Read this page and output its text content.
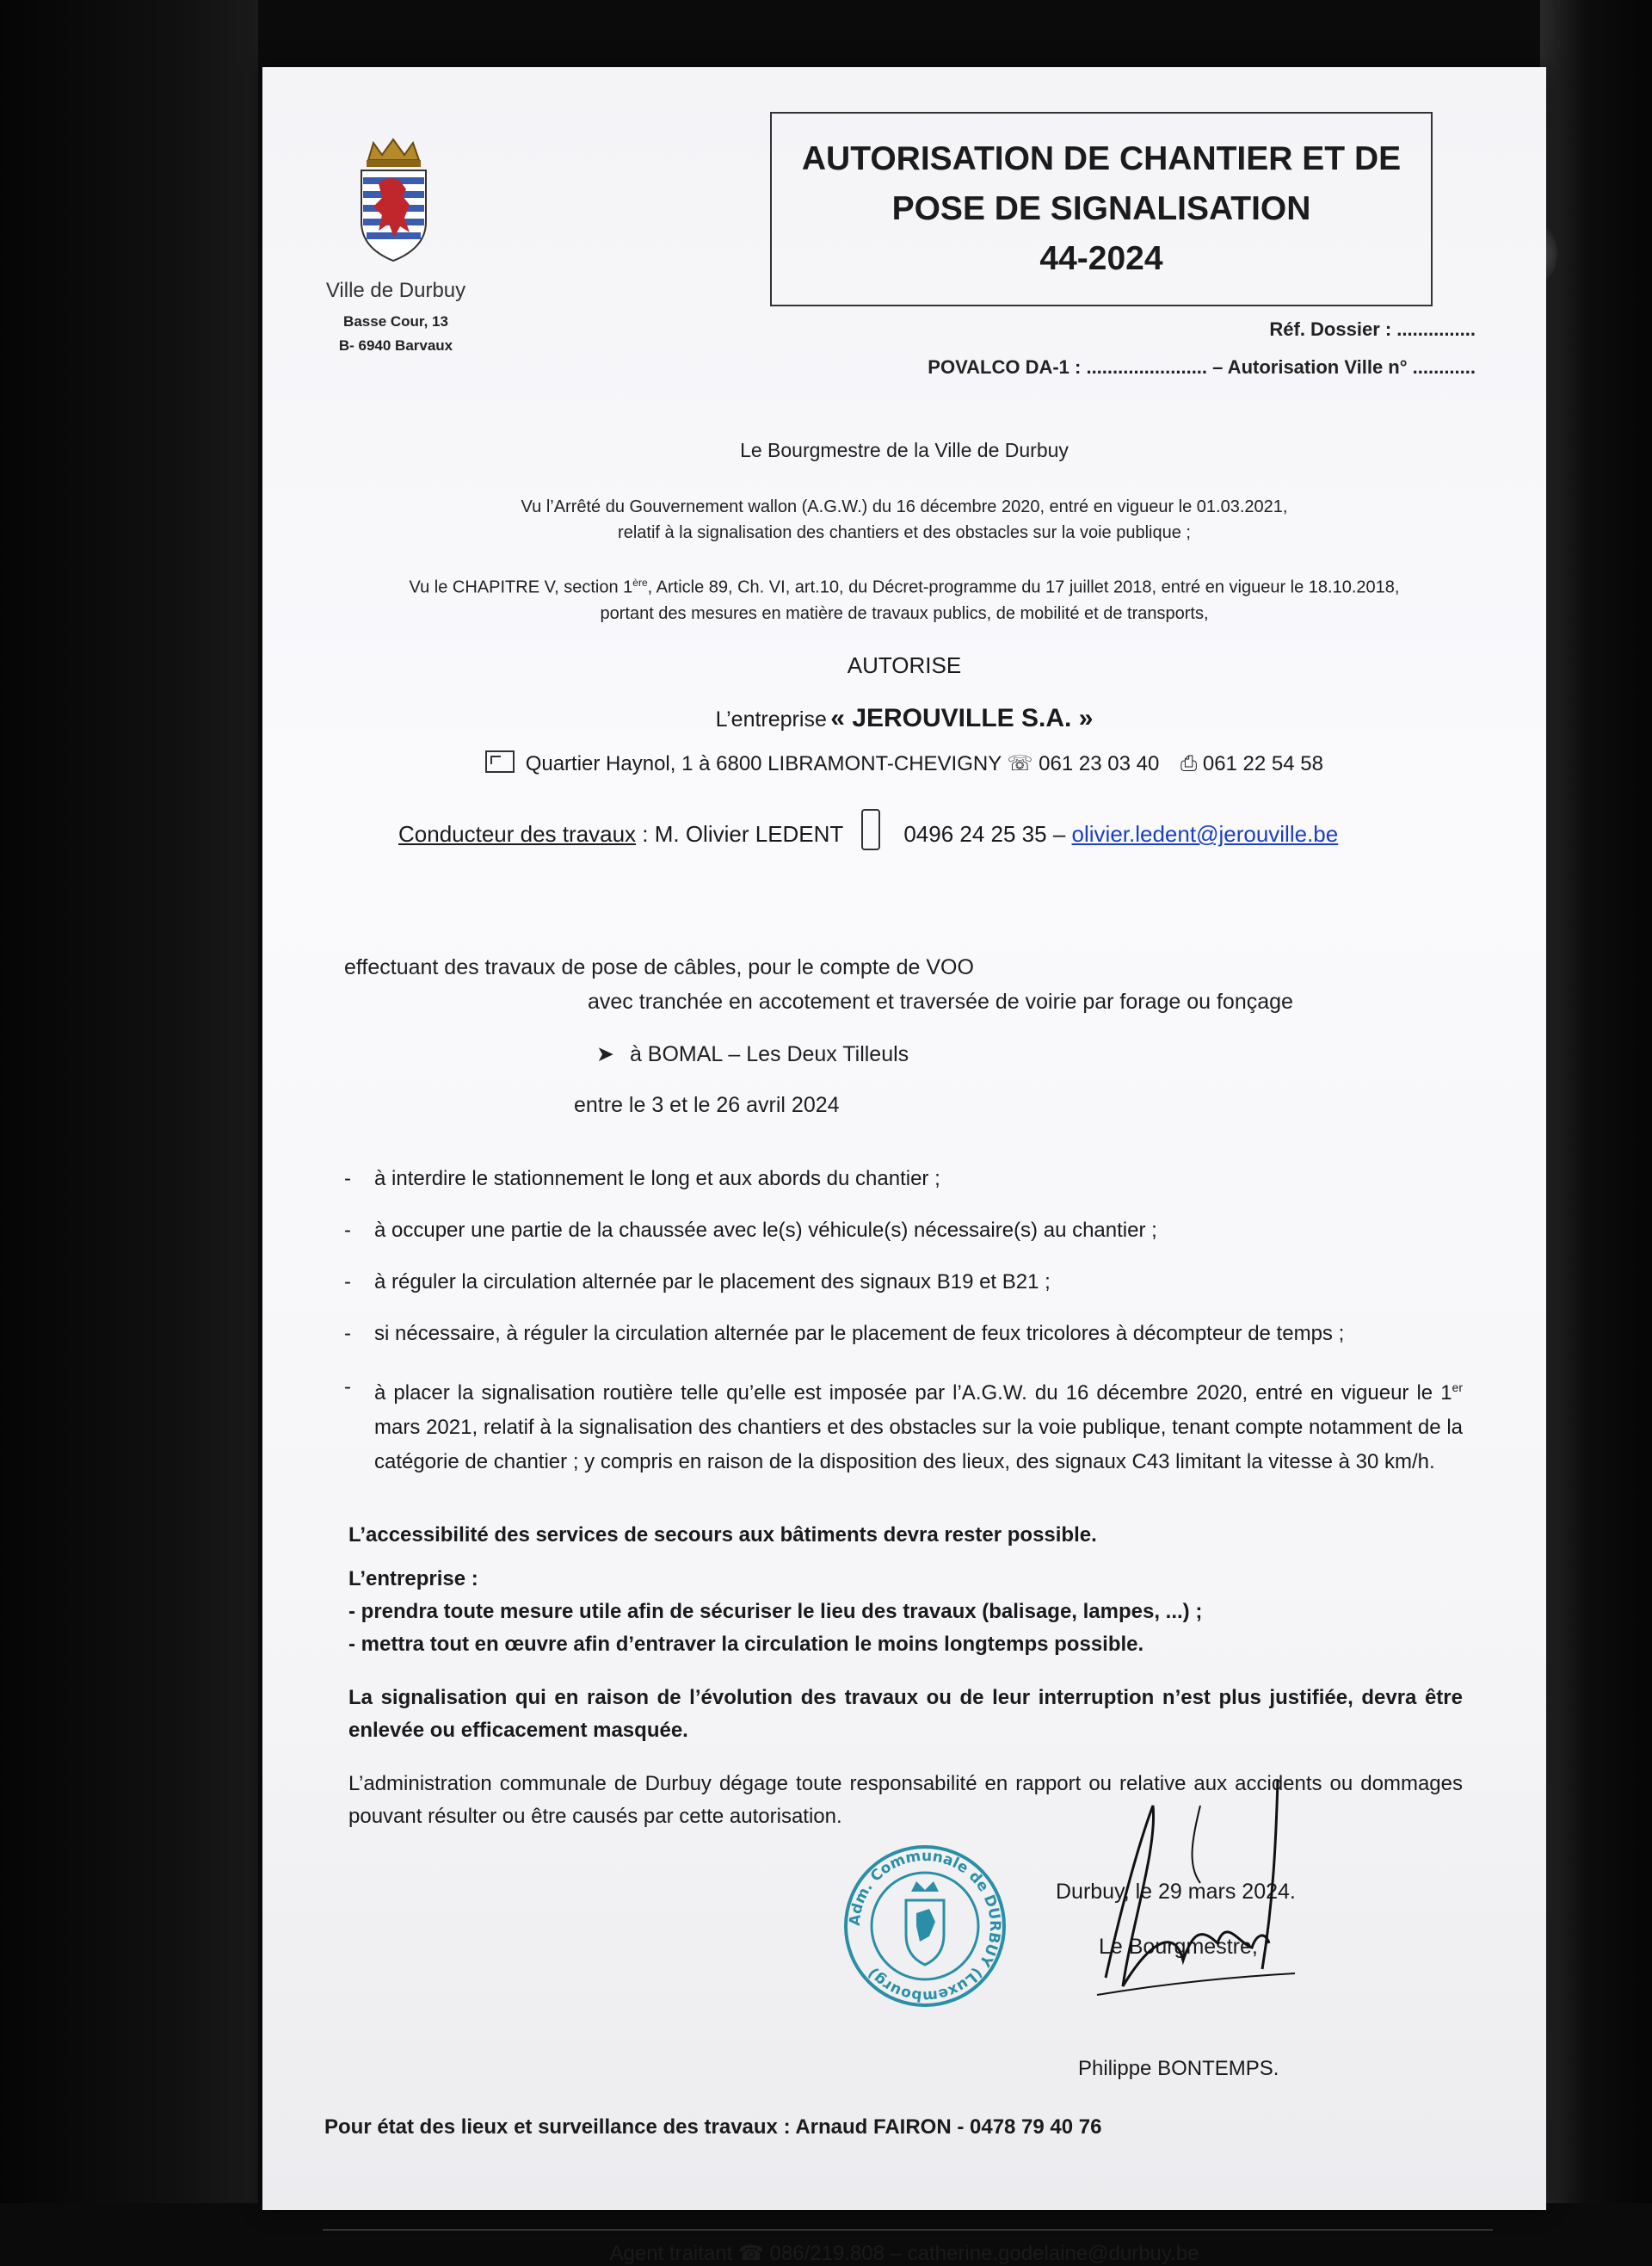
Ville de Durbuy
Basse Cour, 13
B- 6940 Barvaux
AUTORISATION DE CHANTIER ET DE
POSE DE SIGNALISATION
44-2024
Réf. Dossier : ...............
POVALCO DA-1 : ....................... – Autorisation Ville n° ............
Le Bourgmestre de la Ville de Durbuy
Vu l’Arrêté du Gouvernement wallon (A.G.W.) du 16 décembre 2020, entré en vigueur le 01.03.2021,
relatif à la signalisation des chantiers et des obstacles sur la voie publique ;
Vu le CHAPITRE V, section 1ère, Article 89, Ch. VI, art.10, du Décret-programme du 17 juillet 2018, entré en vigueur le 18.10.2018,
portant des mesures en matière de travaux publics, de mobilité et de transports,
AUTORISE
L’entreprise « JEROUVILLE S.A. »
Quartier Haynol, 1 à 6800 LIBRAMONT-CHEVIGNY ☏ 061 23 03 40 ⎙ 061 22 54 58
Conducteur des travaux : M. Olivier LEDENT	0496 24 25 35 – olivier.ledent@jerouville.be
effectuant des travaux de pose de câbles, pour le compte de VOO
avec tranchée en accotement et traversée de voirie par forage ou fonçage
➤ à BOMAL – Les Deux Tilleuls
entre le 3 et le 26 avril 2024
- à interdire le stationnement le long et aux abords du chantier ;
- à occuper une partie de la chaussée avec le(s) véhicule(s) nécessaire(s) au chantier ;
- à réguler la circulation alternée par le placement des signaux B19 et B21 ;
- si nécessaire, à réguler la circulation alternée par le placement de feux tricolores à décompteur de temps ;
- à placer la signalisation routière telle qu’elle est imposée par l’A.G.W. du 16 décembre 2020, entré en vigueur le 1er mars 2021, relatif à la signalisation des chantiers et des obstacles sur la voie publique, tenant compte notamment de la catégorie de chantier ; y compris en raison de la disposition des lieux, des signaux C43 limitant la vitesse à 30 km/h.
L’accessibilité des services de secours aux bâtiments devra rester possible.
L’entreprise :
- prendra toute mesure utile afin de sécuriser le lieu des travaux (balisage, lampes, ...) ;
- mettra tout en œuvre afin d’entraver la circulation le moins longtemps possible.
La signalisation qui en raison de l’évolution des travaux ou de leur interruption n’est plus justifiée, devra être enlevée ou efficacement masquée.
L’administration communale de Durbuy dégage toute responsabilité en rapport ou relative aux accidents ou dommages pouvant résulter ou être causés par cette autorisation.
Durbuy, le 29 mars 2024.
Le Bourgmestre,
Philippe BONTEMPS.
Adm. Communale de DURBUY (Luxembourg)
Pour état des lieux et surveillance des travaux : Arnaud FAIRON - 0478 79 40 76
Agent traitant ☎ 086/219.808 – catherine.godelaine@durbuy.be
